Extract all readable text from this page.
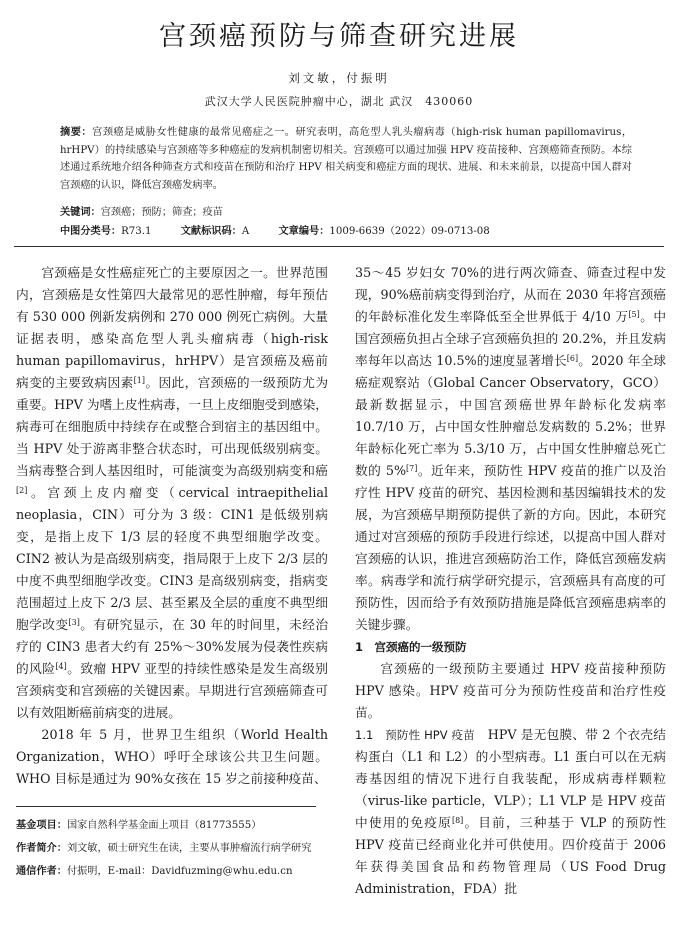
宫颈癌预防与筛查研究进展
刘文敏，付振明
武汉大学人民医院肿瘤中心，湖北 武汉　430060
摘要：宫颈癌是威胁女性健康的最常见癌症之一。研究表明，高危型人乳头瘤病毒（high-risk human papillomavirus，hrHPV）的持续感染与宫颈癌等多种癌症的发病机制密切相关。宫颈癌可以通过加强 HPV 疫苗接种、宫颈癌筛查预防。本综述通过系统地介绍各种筛查方式和疫苗在预防和治疗 HPV 相关病变和癌症方面的现状、进展、和未来前景，以提高中国人群对宫颈癌的认识，降低宫颈癌发病率。
关键词：宫颈癌；预防；筛查；疫苗
中图分类号：R73.1	文献标识码：A	文章编号：1009-6639（2022）09-0713-08

宫颈癌是女性癌症死亡的主要原因之一。世界范围内，宫颈癌是女性第四大最常见的恶性肿瘤，每年预估有 530 000 例新发病例和 270 000 例死亡病例。大量证据表明，感染高危型人乳头瘤病毒（high-risk human papillomavirus，hrHPV）是宫颈癌及癌前病变的主要致病因素[1]。因此，宫颈癌的一级预防尤为重要。HPV 为嗜上皮性病毒，一旦上皮细胞受到感染，病毒可在细胞质中持续存在或整合到宿主的基因组中。当 HPV 处于游离非整合状态时，可出现低级别病变。当病毒整合到人基因组时，可能演变为高级别病变和癌[2]。宫颈上皮内瘤变（cervical intraepithelial neoplasia，CIN）可分为 3 级：CIN1 是低级别病变，是指上皮下 1/3 层的轻度不典型细胞学改变。CIN2 被认为是高级别病变，指局限于上皮下 2/3 层的中度不典型细胞学改变。CIN3 是高级别病变，指病变范围超过上皮下 2/3 层、甚至累及全层的重度不典型细胞学改变[3]。有研究显示，在 30 年的时间里，未经治疗的 CIN3 患者大约有 25%～30%发展为侵袭性疾病的风险[4]。致瘤 HPV 亚型的持续性感染是发生高级别宫颈病变和宫颈癌的关键因素。早期进行宫颈癌筛查可以有效阻断癌前病变的进展。

2018 年 5 月，世界卫生组织（World Health Organization，WHO）呼吁全球该公共卫生问题。WHO 目标是通过为 90%女孩在 15 岁之前接种疫苗、

35～45 岁妇女 70%的进行两次筛查、筛查过程中发现，90%癌前病变得到治疗，从而在 2030 年将宫颈癌的年龄标准化发生率降低至全世界低于 4/10 万[5]。中国宫颈癌负担占全球子宫颈癌负担的 20.2%，并且发病率每年以高达 10.5%的速度显著增长[6]。2020 年全球癌症观察站（Global Cancer Observatory，GCO）最新数据显示，中国宫颈癌世界年龄标化发病率 10.7/10 万，占中国女性肿瘤总发病数的 5.2%；世界年龄标化死亡率为 5.3/10 万，占中国女性肿瘤总死亡数的 5%[7]。近年来，预防性 HPV 疫苗的推广以及治疗性 HPV 疫苗的研究、基因检测和基因编辑技术的发展，为宫颈癌早期预防提供了新的方向。因此，本研究通过对宫颈癌的预防手段进行综述，以提高中国人群对宫颈癌的认识，推进宫颈癌防治工作，降低宫颈癌发病率。病毒学和流行病学研究提示，宫颈癌具有高度的可预防性，因而给予有效预防措施是降低宫颈癌患病率的关键步骤。

1　宫颈癌的一级预防

宫颈癌的一级预防主要通过 HPV 疫苗接种预防 HPV 感染。HPV 疫苗可分为预防性疫苗和治疗性疫苗。

1.1　预防性 HPV 疫苗　HPV 是无包膜、带 2 个衣壳结构蛋白（L1 和 L2）的小型病毒。L1 蛋白可以在无病毒基因组的情况下进行自我装配，形成病毒样颗粒（virus-like particle，VLP）；L1 VLP 是 HPV 疫苗中使用的免疫原[8]。目前，三种基于 VLP 的预防性 HPV 疫苗已经商业化并可供使用。四价疫苗于 2006 年获得美国食品和药物管理局（US Food Drug Administration，FDA）批

基金项目： 国家自然科学基金面上项目（81773555）
作者简介： 刘文敏，硕士研究生在读，主要从事肿瘤流行病学研究
通信作者： 付振明，E-mail：Davidfuzming@whu.edu.cn
